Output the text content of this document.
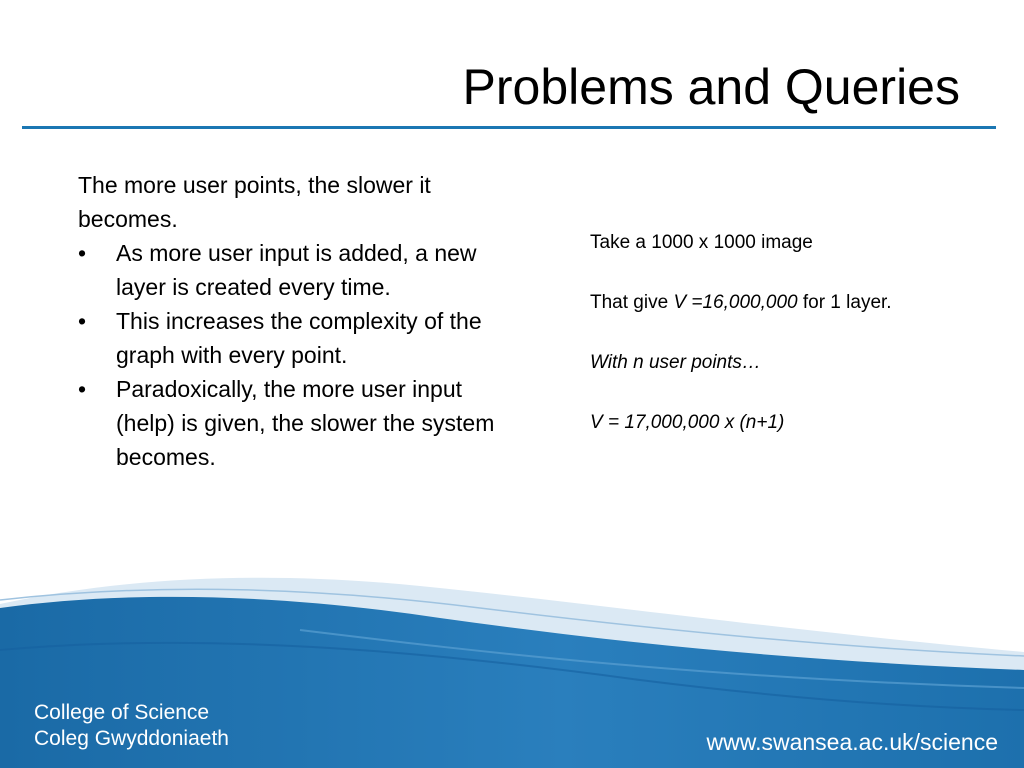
Problems and Queries

The more user points, the slower it becomes.

• As more user input is added, a new layer is created every time.
• This increases the complexity of the graph with every point.
• Paradoxically, the more user input (help) is given, the slower the system becomes.

Take a 1000 x 1000 image

That give V =16,000,000 for 1 layer.

With n user points…

V = 17,000,000 x (n+1)

College of Science
Coleg Gwyddoniaeth	www.swansea.ac.uk/science
